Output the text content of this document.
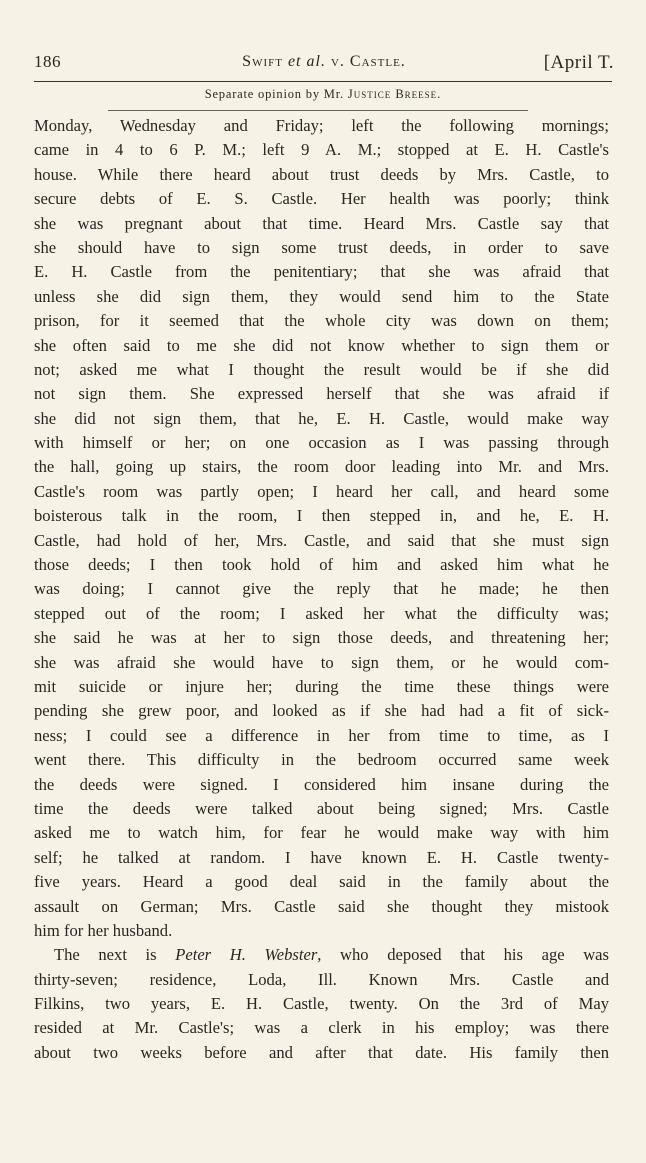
186	Swift et al. v. Castle.	[April T.
Separate opinion by Mr. Justice Breese.
Monday, Wednesday and Friday; left the following mornings;
came in 4 to 6 P. M.; left 9 A. M.; stopped at E. H. Castle's
house. While there heard about trust deeds by Mrs. Castle, to
secure debts of E. S. Castle. Her health was poorly; think
she was pregnant about that time. Heard Mrs. Castle say that
she should have to sign some trust deeds, in order to save
E. H. Castle from the penitentiary; that she was afraid that
unless she did sign them, they would send him to the State
prison, for it seemed that the whole city was down on them;
she often said to me she did not know whether to sign them or
not; asked me what I thought the result would be if she did
not sign them. She expressed herself that she was afraid if
she did not sign them, that he, E. H. Castle, would make way
with himself or her; on one occasion as I was passing through
the hall, going up stairs, the room door leading into Mr. and Mrs.
Castle's room was partly open; I heard her call, and heard some
boisterous talk in the room, I then stepped in, and he, E. H.
Castle, had hold of her, Mrs. Castle, and said that she must sign
those deeds; I then took hold of him and asked him what he
was doing; I cannot give the reply that he made; he then
stepped out of the room; I asked her what the difficulty was;
she said he was at her to sign those deeds, and threatening her;
she was afraid she would have to sign them, or he would com-
mit suicide or injure her; during the time these things were
pending she grew poor, and looked as if she had had a fit of sick-
ness; I could see a difference in her from time to time, as I
went there. This difficulty in the bedroom occurred same week
the deeds were signed. I considered him insane during the
time the deeds were talked about being signed; Mrs. Castle
asked me to watch him, for fear he would make way with him
self; he talked at random. I have known E. H. Castle twenty-
five years. Heard a good deal said in the family about the
assault on German; Mrs. Castle said she thought they mistook
him for her husband.
The next is Peter H. Webster, who deposed that his age was
thirty-seven; residence, Loda, Ill. Known Mrs. Castle and
Filkins, two years, E. H. Castle, twenty. On the 3rd of May
resided at Mr. Castle's; was a clerk in his employ; was there
about two weeks before and after that date. His family then
